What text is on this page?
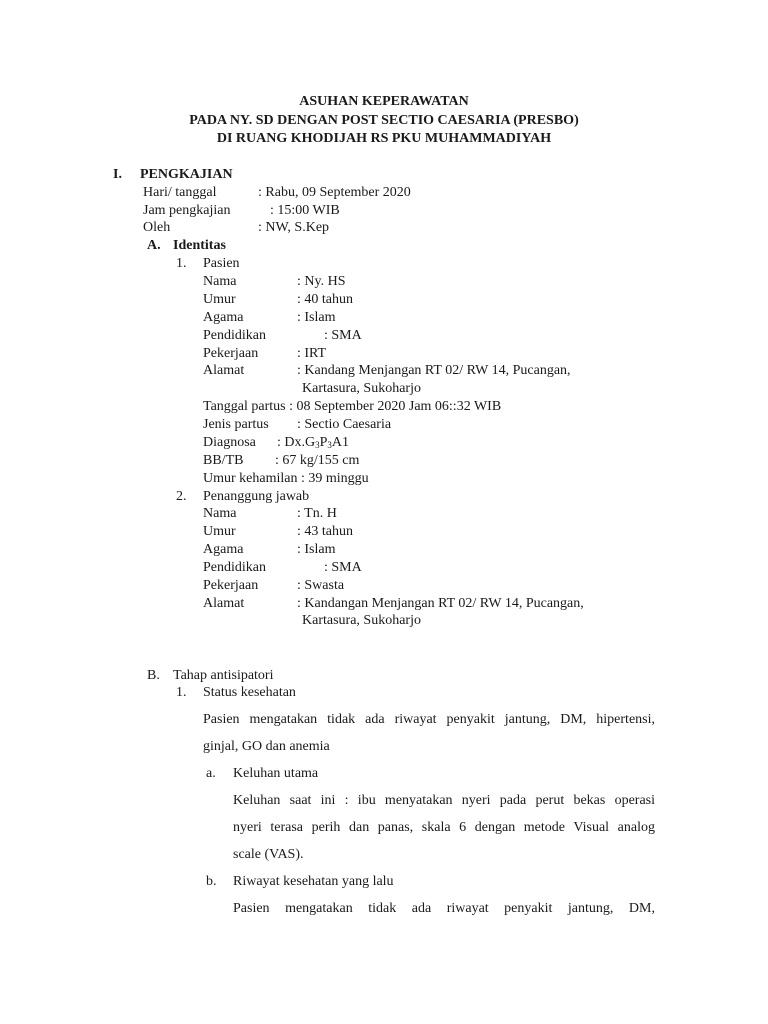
ASUHAN KEPERAWATAN
PADA NY. SD DENGAN POST SECTIO CAESARIA (PRESBO)
DI RUANG KHODIJAH RS PKU MUHAMMADIYAH
I. PENGKAJIAN
Hari/ tanggal	: Rabu, 09 September 2020
Jam pengkajian	: 15:00 WIB
Oleh	: NW, S.Kep
A. Identitas
1. Pasien
Nama	: Ny. HS
Umur	: 40 tahun
Agama	: Islam
Pendidikan	: SMA
Pekerjaan	: IRT
Alamat	: Kandang Menjangan RT 02/ RW 14, Pucangan,
Kartasura, Sukoharjo
Tanggal partus : 08 September 2020 Jam 06::32 WIB
Jenis partus : Sectio Caesaria
Diagnosa : $Dx.G_3P_3A1$
BB/TB : 67 kg/155 cm
Umur kehamilan : 39 minggu
2. Penanggung jawab
Nama	: Tn. H
Umur	: 43 tahun
Agama	: Islam
Pendidikan	: SMA
Pekerjaan	: Swasta
Alamat	: Kandangan Menjangan RT 02/ RW 14, Pucangan,
Kartasura, Sukoharjo
B. Tahap antisipatori
1. Status kesehatan
Pasien mengatakan tidak ada riwayat penyakit jantung, DM, hipertensi,
ginjal, GO dan anemia
a. Keluhan utama
Keluhan saat ini : ibu menyatakan nyeri pada perut bekas operasi
nyeri terasa perih dan panas, skala 6 dengan metode Visual analog
scale (VAS).
b. Riwayat kesehatan yang lalu
Pasien mengatakan tidak ada riwayat penyakit jantung, DM,
